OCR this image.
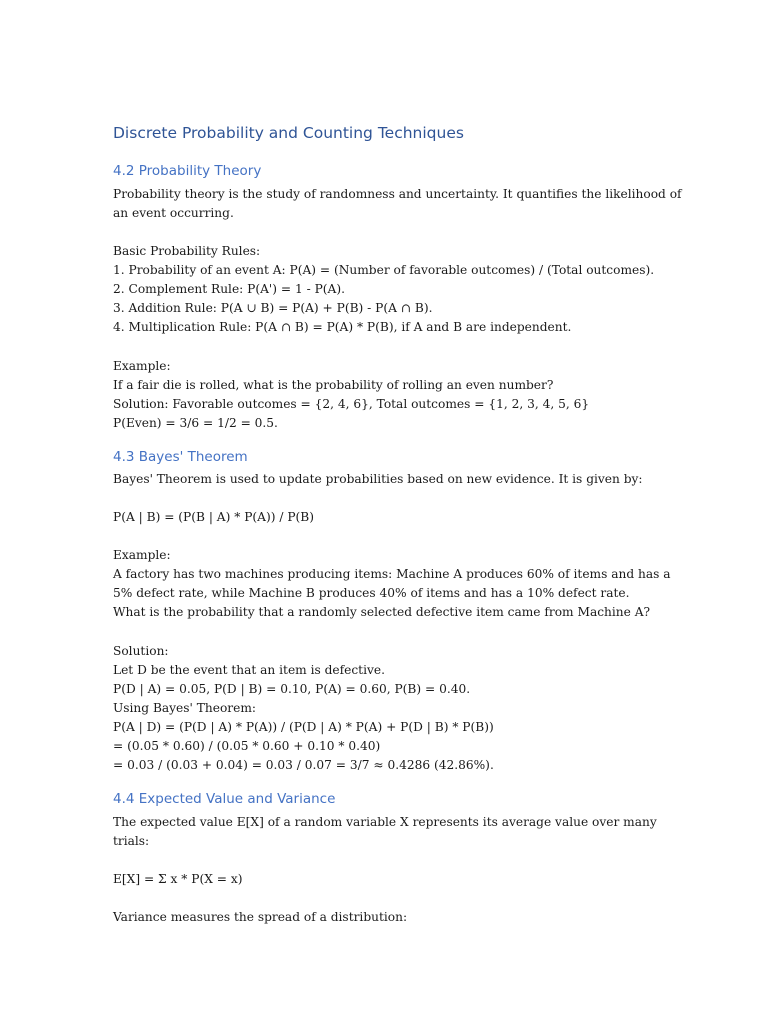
Discrete Probability and Counting Techniques
4.2 Probability Theory
Probability theory is the study of randomness and uncertainty. It quantifies the likelihood of
an event occurring.
Basic Probability Rules:
1. Probability of an event A: P(A) = (Number of favorable outcomes) / (Total outcomes).
2. Complement Rule: P(A') = 1 - P(A).
3. Addition Rule: P(A ∪ B) = P(A) + P(B) - P(A ∩ B).
4. Multiplication Rule: P(A ∩ B) = P(A) * P(B), if A and B are independent.
Example:
If a fair die is rolled, what is the probability of rolling an even number?
Solution: Favorable outcomes = {2, 4, 6}, Total outcomes = {1, 2, 3, 4, 5, 6}
P(Even) = 3/6 = 1/2 = 0.5.
4.3 Bayes' Theorem
Bayes' Theorem is used to update probabilities based on new evidence. It is given by:
P(A | B) = (P(B | A) * P(A)) / P(B)
Example:
A factory has two machines producing items: Machine A produces 60% of items and has a
5% defect rate, while Machine B produces 40% of items and has a 10% defect rate.
What is the probability that a randomly selected defective item came from Machine A?
Solution:
Let D be the event that an item is defective.
P(D | A) = 0.05, P(D | B) = 0.10, P(A) = 0.60, P(B) = 0.40.
Using Bayes' Theorem:
P(A | D) = (P(D | A) * P(A)) / (P(D | A) * P(A) + P(D | B) * P(B))
= (0.05 * 0.60) / (0.05 * 0.60 + 0.10 * 0.40)
= 0.03 / (0.03 + 0.04) = 0.03 / 0.07 = 3/7 ≈ 0.4286 (42.86%).
4.4 Expected Value and Variance
The expected value E[X] of a random variable X represents its average value over many
trials:
E[X] = Σ x * P(X = x)
Variance measures the spread of a distribution:
